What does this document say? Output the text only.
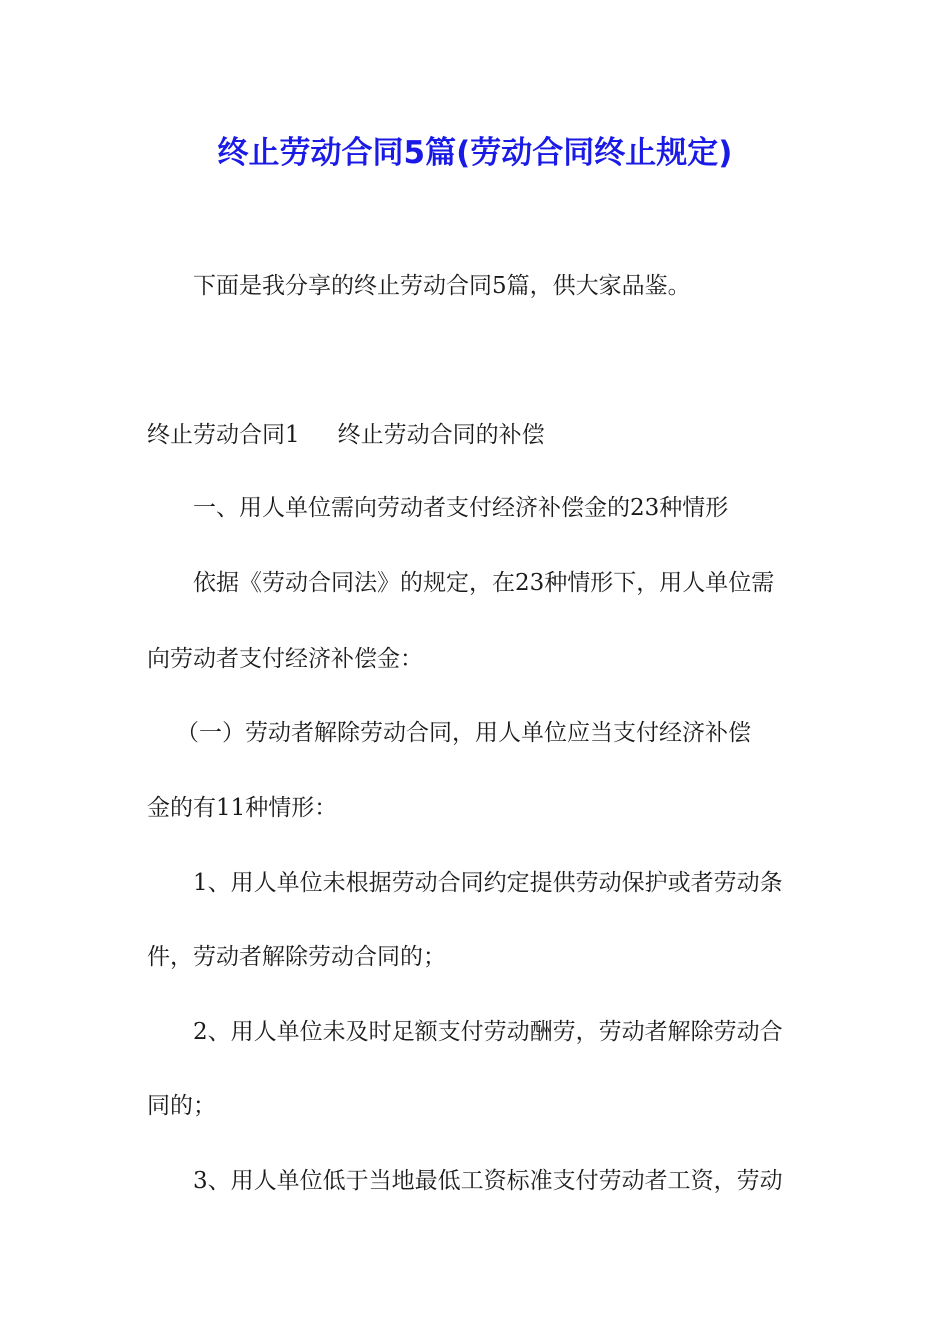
终止劳动合同5篇(劳动合同终止规定)
下面是我分享的终止劳动合同5篇，供大家品鉴。
终止劳动合同1 终止劳动合同的补偿
一、用人单位需向劳动者支付经济补偿金的23种情形
依据《劳动合同法》的规定，在23种情形下，用人单位需
向劳动者支付经济补偿金：
（一）劳动者解除劳动合同，用人单位应当支付经济补偿
金的有11种情形：
1、用人单位未根据劳动合同约定提供劳动保护或者劳动条
件，劳动者解除劳动合同的；
2、用人单位未及时足额支付劳动酬劳，劳动者解除劳动合
同的；
3、用人单位低于当地最低工资标准支付劳动者工资，劳动
